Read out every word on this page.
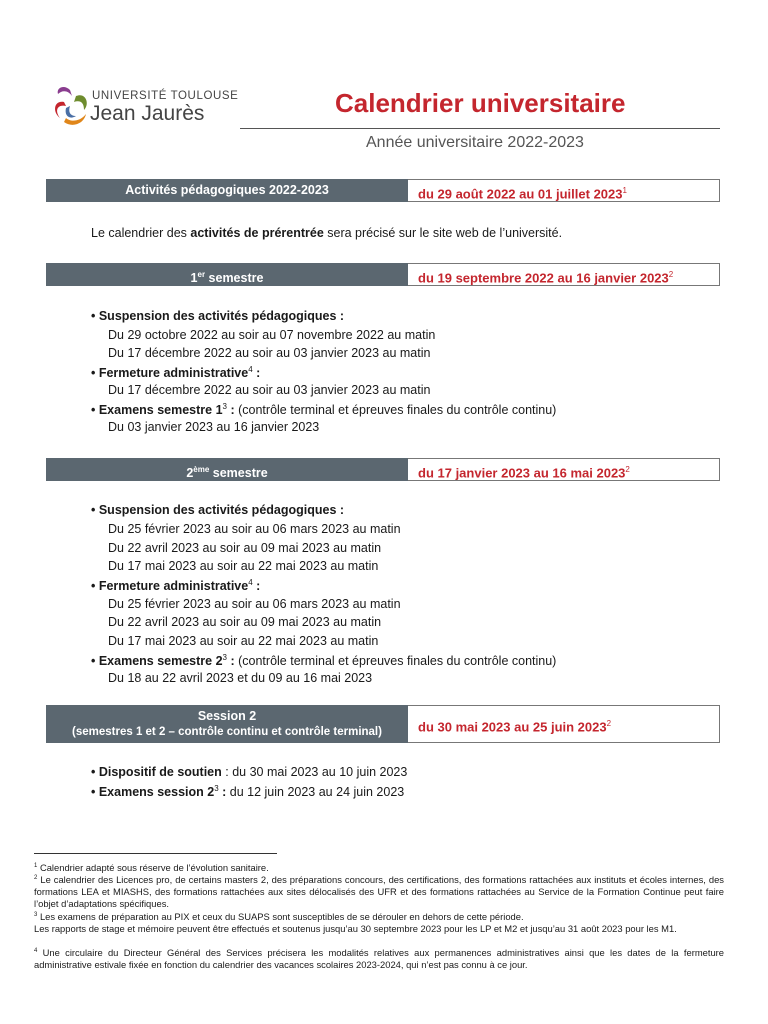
UNIVERSITÉ TOULOUSE
Jean Jaurès	Calendrier universitaire
Année universitaire 2022-2023
Activités pédagogiques 2022-2023	du 29 août 2022 au 01 juillet 2023$^1$
Le calendrier des activités de prérentrée sera précisé sur le site web de l’université.
1er semestre	du 19 septembre 2022 au 16 janvier 2023$^2$
• Suspension des activités pédagogiques :
Du 29 octobre 2022 au soir au 07 novembre 2022 au matin
Du 17 décembre 2022 au soir au 03 janvier 2023 au matin
• Fermeture administrative$^4$ :
Du 17 décembre 2022 au soir au 03 janvier 2023 au matin
• Examens semestre $1^3$ : (contrôle terminal et épreuves finales du contrôle continu)
Du 03 janvier 2023 au 16 janvier 2023
2ème semestre	du 17 janvier 2023 au 16 mai 2023$^2$
• Suspension des activités pédagogiques :
Du 25 février 2023 au soir au 06 mars 2023 au matin
Du 22 avril 2023 au soir au 09 mai 2023 au matin
Du 17 mai 2023 au soir au 22 mai 2023 au matin
• Fermeture administrative$^4$ :
Du 25 février 2023 au soir au 06 mars 2023 au matin
Du 22 avril 2023 au soir au 09 mai 2023 au matin
Du 17 mai 2023 au soir au 22 mai 2023 au matin
• Examens semestre $2^3$ : (contrôle terminal et épreuves finales du contrôle continu)
Du 18 au 22 avril 2023 et du 09 au 16 mai 2023
Session 2
(semestres 1 et 2 – contrôle continu et contrôle terminal)	du 30 mai 2023 au 25 juin 2023$^2$
• Dispositif de soutien : du 30 mai 2023 au 10 juin 2023
• Examens session $2^3$ : du 12 juin 2023 au 24 juin 2023
$^1$ Calendrier adapté sous réserve de l’évolution sanitaire.
$^2$ Le calendrier des Licences pro, de certains masters 2, des préparations concours, des certifications, des formations rattachées aux instituts et écoles internes, des formations LEA et MIASHS, des formations rattachées aux sites délocalisés des UFR et des formations rattachées au Service de la Formation Continue peut faire l’objet d’adaptations spécifiques.
$^3$ Les examens de préparation au PIX et ceux du SUAPS sont susceptibles de se dérouler en dehors de cette période.
Les rapports de stage et mémoire peuvent être effectués et soutenus jusqu’au 30 septembre 2023 pour les LP et M2 et jusqu’au 31 août 2023 pour les M1.
$^4$ Une circulaire du Directeur Général des Services précisera les modalités relatives aux permanences administratives ainsi que les dates de la fermeture administrative estivale fixée en fonction du calendrier des vacances scolaires 2023-2024, qui n’est pas connu à ce jour.
